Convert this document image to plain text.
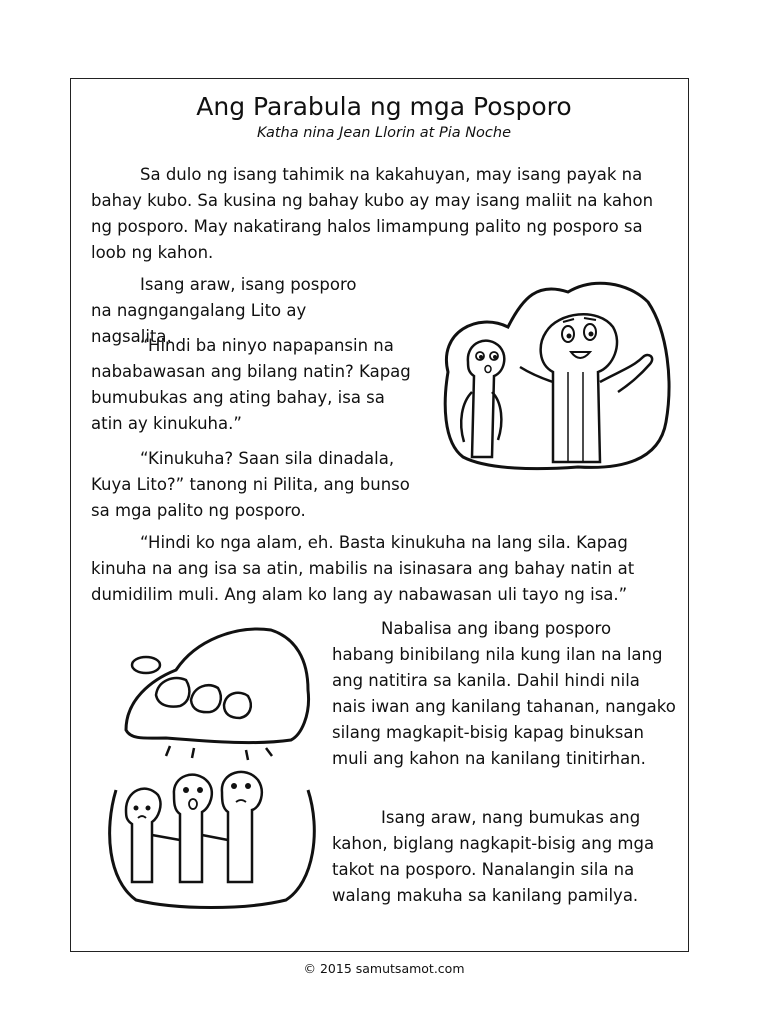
Ang Parabula ng mga Posporo
Katha nina Jean Llorin at Pia Noche

Sa dulo ng isang tahimik na kakahuyan, may isang payak na bahay kubo. Sa kusina ng bahay kubo ay may isang maliit na kahon ng posporo. May nakatirang halos limampung palito ng posporo sa loob ng kahon.

Isang araw, isang posporo na nagngangalang Lito ay nagsalita.

“Hindi ba ninyo napapansin na nababawasan ang bilang natin? Kapag bumubukas ang ating bahay, isa sa atin ay kinukuha.”

“Kinukuha? Saan sila dinadala, Kuya Lito?” tanong ni Pilita, ang bunso sa mga palito ng posporo.

“Hindi ko nga alam, eh. Basta kinukuha na lang sila. Kapag kinuha na ang isa sa atin, mabilis na isinasara ang bahay natin at dumidilim muli. Ang alam ko lang ay nabawasan uli tayo ng isa.”

Nabalisa ang ibang posporo habang binibilang nila kung ilan na lang ang natitira sa kanila. Dahil hindi nila nais iwan ang kanilang tahanan, nangako silang magkapit-bisig kapag binuksan muli ang kahon na kanilang tinitirhan.

Isang araw, nang bumukas ang kahon, biglang nagkapit-bisig ang mga takot na posporo. Nanalangin sila na walang makuha sa kanilang pamilya.

© 2015 samutsamot.com
